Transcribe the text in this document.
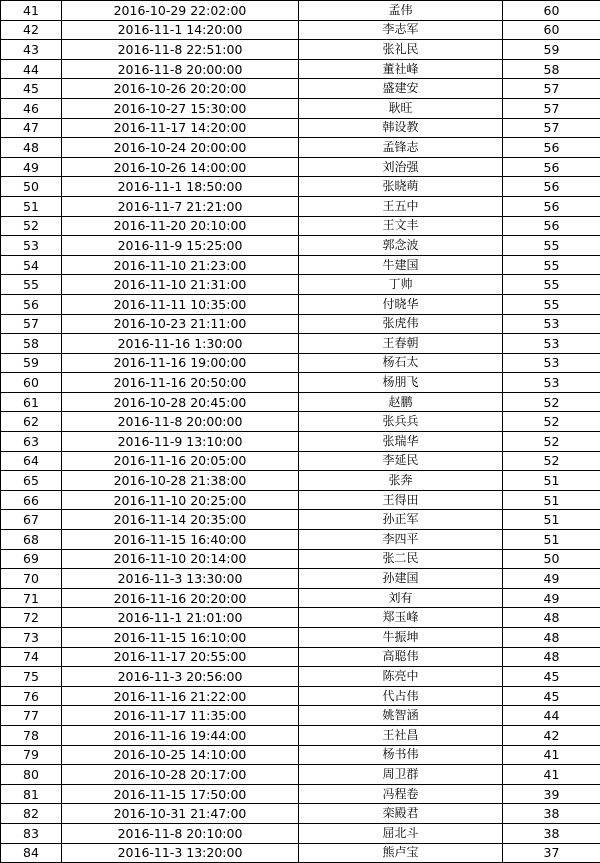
41	2016-10-29 22:02:00	孟伟	60
42	2016-11-1 14:20:00	李志军	60
43	2016-11-8 22:51:00	张礼民	59
44	2016-11-8 20:00:00	董社峰	58
45	2016-10-26 20:20:00	盛建安	57
46	2016-10-27 15:30:00	耿旺	57
47	2016-11-17 14:20:00	韩设教	57
48	2016-10-24 20:00:00	孟锋志	56
49	2016-10-26 14:00:00	刘治强	56
50	2016-11-1 18:50:00	张晓萌	56
51	2016-11-7 21:21:00	王五中	56
52	2016-11-20 20:10:00	王文丰	56
53	2016-11-9 15:25:00	郭念波	55
54	2016-11-10 21:23:00	牛建国	55
55	2016-11-10 21:31:00	丁帅	55
56	2016-11-11 10:35:00	付晓华	55
57	2016-10-23 21:11:00	张虎伟	53
58	2016-11-16 1:30:00	王春朝	53
59	2016-11-16 19:00:00	杨石太	53
60	2016-11-16 20:50:00	杨朋飞	53
61	2016-10-28 20:45:00	赵鹏	52
62	2016-11-8 20:00:00	张兵兵	52
63	2016-11-9 13:10:00	张瑞华	52
64	2016-11-16 20:05:00	李延民	52
65	2016-10-28 21:38:00	张奔	51
66	2016-11-10 20:25:00	王得田	51
67	2016-11-14 20:35:00	孙正军	51
68	2016-11-15 16:40:00	李四平	51
69	2016-11-10 20:14:00	张二民	50
70	2016-11-3 13:30:00	孙建国	49
71	2016-11-16 20:20:00	刘有	49
72	2016-11-1 21:01:00	郑玉峰	48
73	2016-11-15 16:10:00	牛振坤	48
74	2016-11-17 20:55:00	高聪伟	48
75	2016-11-3 20:56:00	陈亮中	45
76	2016-11-16 21:22:00	代占伟	45
77	2016-11-17 11:35:00	姚智涵	44
78	2016-11-16 19:44:00	王社昌	42
79	2016-10-25 14:10:00	杨书伟	41
80	2016-10-28 20:17:00	周卫群	41
81	2016-11-15 17:50:00	冯程卷	39
82	2016-10-31 21:47:00	栾殿君	38
83	2016-11-8 20:10:00	屈北斗	38
84	2016-11-3 13:20:00	熊卢宝	37
